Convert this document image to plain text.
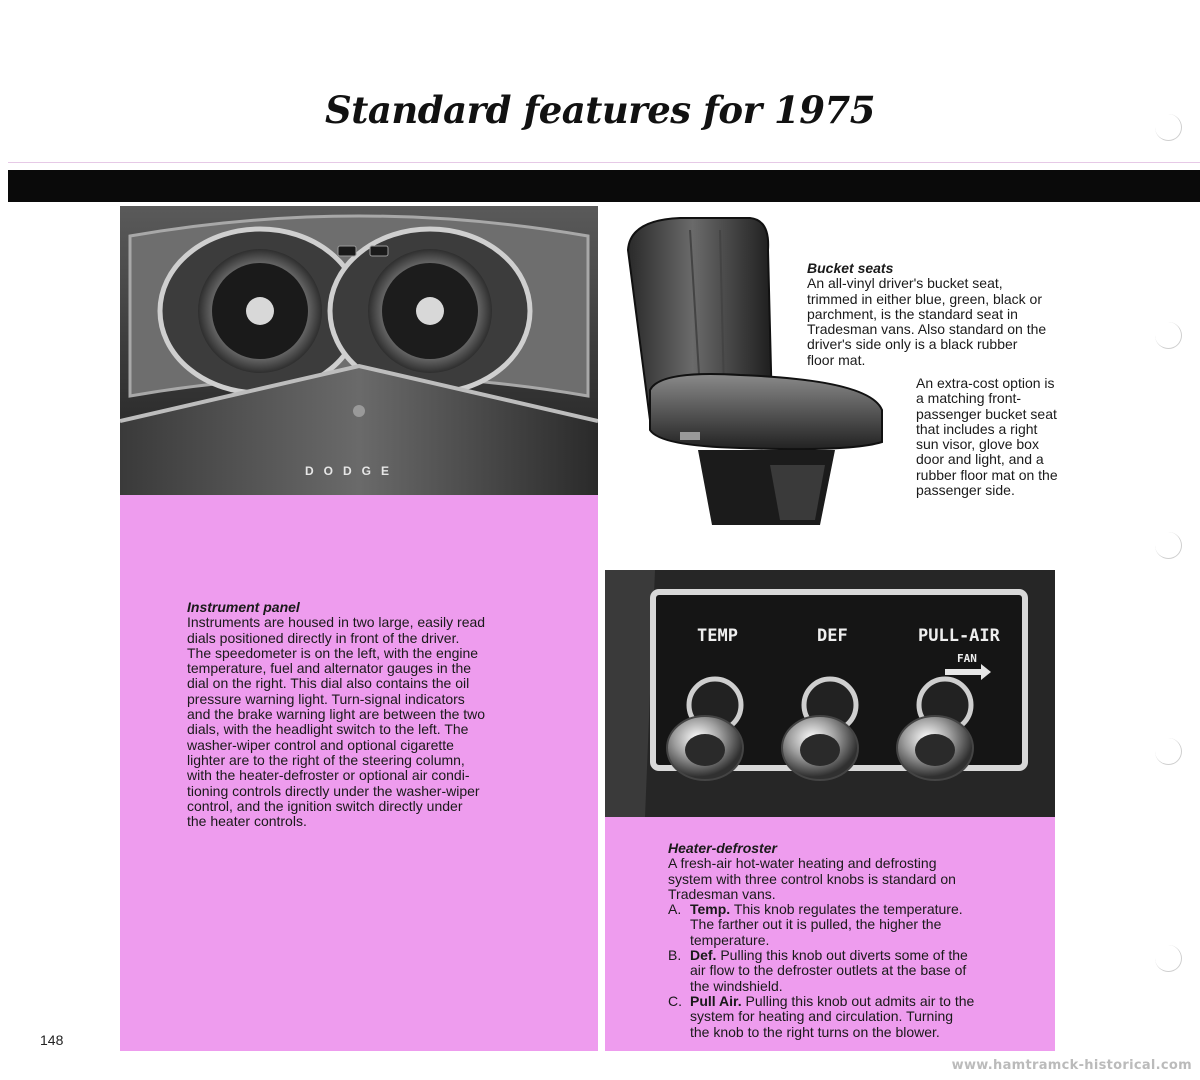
Standard features for 1975
DODGE
Instrument panel

Instruments are housed in two large, easily read

dials positioned directly in front of the driver.

The speedometer is on the left, with the engine

temperature, fuel and alternator gauges in the

dial on the right. This dial also contains the oil

pressure warning light. Turn-signal indicators

and the brake warning light are between the two

dials, with the headlight switch to the left. The

washer-wiper control and optional cigarette

lighter are to the right of the steering column,

with the heater-defroster or optional air condi-

tioning controls directly under the washer-wiper

control, and the ignition switch directly under

the heater controls.

Bucket seats

An all-vinyl driver's bucket seat,

trimmed in either blue, green, black or

parchment, is the standard seat in

Tradesman vans. Also standard on the

driver's side only is a black rubber

floor mat.

An extra-cost option is

a matching front-

passenger bucket seat

that includes a right

sun visor, glove box

door and light, and a

rubber floor mat on the

passenger side.

TEMP	DEF	PULL-AIR
FAN
Heater-defroster

A fresh-air hot-water heating and defrosting

system with three control knobs is standard on

Tradesman vans.

A. Temp. This knob regulates the temperature.

The farther out it is pulled, the higher the

temperature.

B. Def. Pulling this knob out diverts some of the

air flow to the defroster outlets at the base of

the windshield.

C. Pull Air. Pulling this knob out admits air to the

system for heating and circulation. Turning

the knob to the right turns on the blower.

148
www.hamtramck-historical.com
